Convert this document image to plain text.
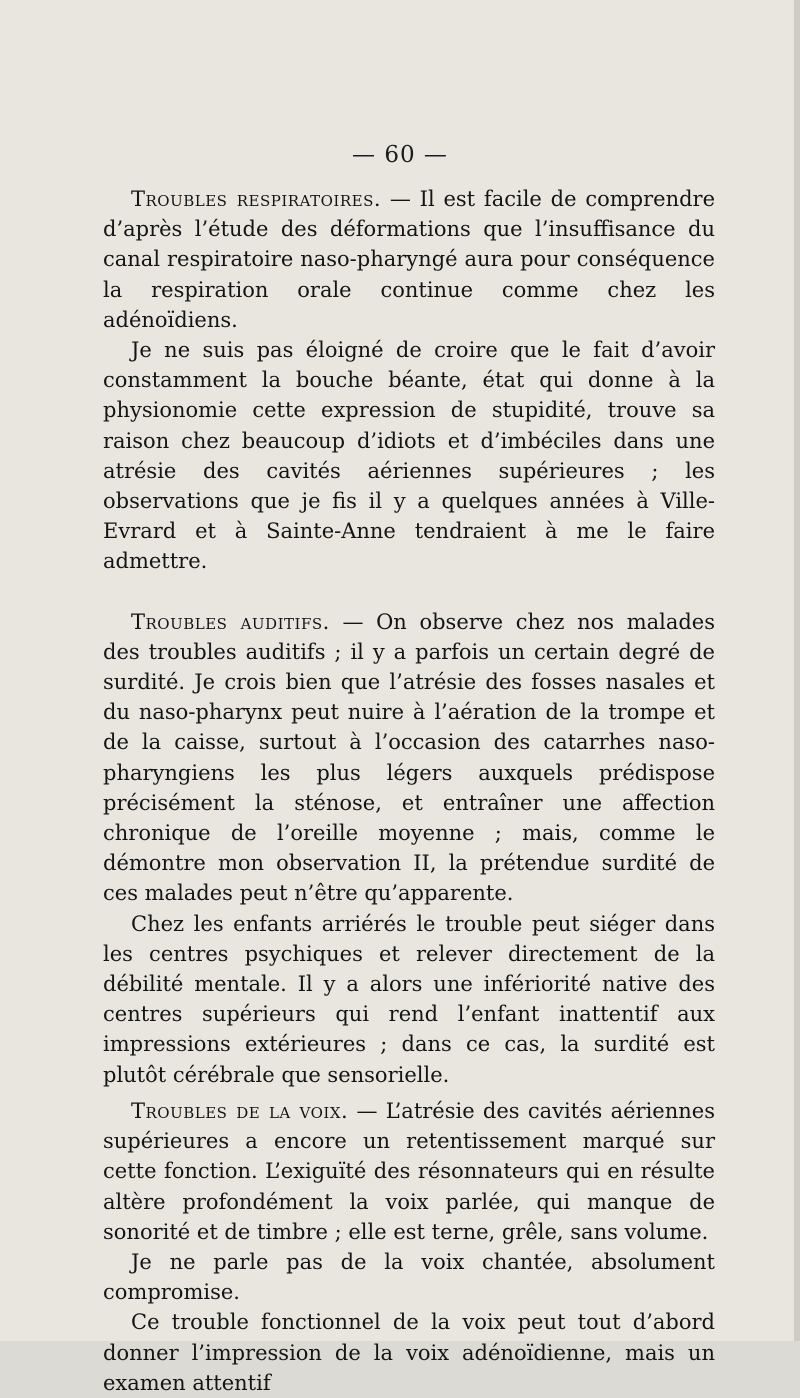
— 60 —

Troubles respiratoires. — Il est facile de comprendre d’après l’étude des déformations que l’insuffisance du canal respiratoire naso-pharyngé aura pour conséquence la respiration orale continue comme chez les adénoïdiens.

Je ne suis pas éloigné de croire que le fait d’avoir constamment la bouche béante, état qui donne à la physionomie cette expression de stupidité, trouve sa raison chez beaucoup d’idiots et d’imbéciles dans une atrésie des cavités aériennes supérieures ; les observations que je fis il y a quelques années à Ville-Evrard et à Sainte-Anne tendraient à me le faire admettre.

Troubles auditifs. — On observe chez nos malades des troubles auditifs ; il y a parfois un certain degré de surdité. Je crois bien que l’atrésie des fosses nasales et du naso-pharynx peut nuire à l’aération de la trompe et de la caisse, surtout à l’occasion des catarrhes naso-pharyngiens les plus légers auxquels prédispose précisément la sténose, et entraîner une affection chronique de l’oreille moyenne ; mais, comme le démontre mon observation II, la prétendue surdité de ces malades peut n’être qu’apparente.

Chez les enfants arriérés le trouble peut siéger dans les centres psychiques et relever directement de la débilité mentale. Il y a alors une infériorité native des centres supérieurs qui rend l’enfant inattentif aux impressions extérieures ; dans ce cas, la surdité est plutôt cérébrale que sensorielle.

Troubles de la voix. — L’atrésie des cavités aériennes supérieures a encore un retentissement marqué sur cette fonction. L’exiguïté des résonnateurs qui en résulte altère profondément la voix parlée, qui manque de sonorité et de timbre ; elle est terne, grêle, sans volume.

Je ne parle pas de la voix chantée, absolument compromise.

Ce trouble fonctionnel de la voix peut tout d’abord donner l’impression de la voix adénoïdienne, mais un examen attentif
